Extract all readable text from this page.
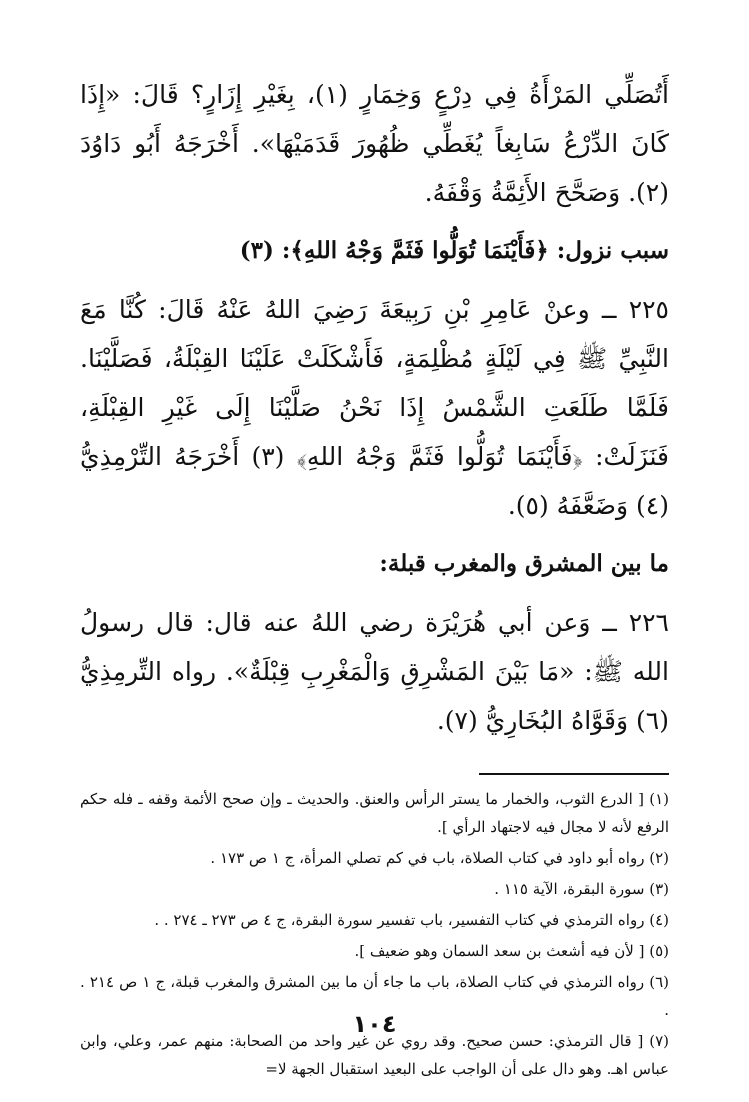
أَتُصَلِّي المَرْأَةُ فِي دِرْعٍ وَخِمَارٍ (١)، بِغَيْرِ إِزَارٍ؟ قَالَ: «إِذَا كَانَ الدِّرْعُ سَابِغاً يُغَطِّي ظُهُورَ قَدَمَيْهَا». أَخْرَجَهُ أَبُو دَاوُدَ (٢). وَصَحَّحَ الأَئِمَّةُ وَقْفَهُ.

سبب نزول: ﴿فَأَيْنَمَا تُوَلُّوا فَثَمَّ وَجْهُ اللهِ﴾: (٣)

٢٢٥ ــ وعنْ عَامِرِ بْنِ رَبِيعَةَ رَضِيَ اللهُ عَنْهُ قَالَ: كُنَّا مَعَ النَّبِيِّ ﷺ فِي لَيْلَةٍ مُظْلِمَةٍ، فَأَشْكَلَتْ عَلَيْنَا القِبْلَةُ، فَصَلَّيْنَا. فَلَمَّا طَلَعَتِ الشَّمْسُ إِذَا نَحْنُ صَلَّيْنَا إِلَى غَيْرِ القِبْلَةِ، فَنَزَلَتْ: ﴿فَأَيْنَمَا تُوَلُّوا فَثَمَّ وَجْهُ اللهِ﴾ (٣) أَخْرَجَهُ التِّرْمِذِيُّ (٤) وَضَعَّفَهُ (٥).

ما بين المشرق والمغرب قبلة:

٢٢٦ ــ وَعن أبي هُرَيْرَة رضي اللهُ عنه قال: قال رسولُ الله ﷺ: «مَا بَيْنَ المَشْرِقِ وَالْمَغْرِبِ قِبْلَةٌ». رواه التِّرمِذِيُّ (٦) وَقَوَّاهُ البُخَارِيُّ (٧).

(١) [ الدرع الثوب، والخمار ما يستر الرأس والعنق. والحديث ـ وإن صحح الأئمة وقفه ـ فله حكم الرفع لأنه لا مجال فيه لاجتهاد الرأي ].

(٢) رواه أبو داود في كتاب الصلاة، باب في كم تصلي المرأة، ج ١ ص ١٧٣ .

(٣) سورة البقرة، الآية ١١٥ .

(٤) رواه الترمذي في كتاب التفسير، باب تفسير سورة البقرة، ج ٤ ص ٢٧٣ ـ ٢٧٤ . .

(٥) [ لأن فيه أشعث بن سعد السمان وهو ضعيف ].

(٦) رواه الترمذي في كتاب الصلاة، باب ما جاء أن ما بين المشرق والمغرب قبلة، ج ١ ص ٢١٤ . .

(٧) [ قال الترمذي: حسن صحيح. وقد روي عن غير واحد من الصحابة: منهم عمر، وعلي، وابن عباس اهـ. وهو دال على أن الواجب على البعيد استقبال الجهة لا=

١٠٤
